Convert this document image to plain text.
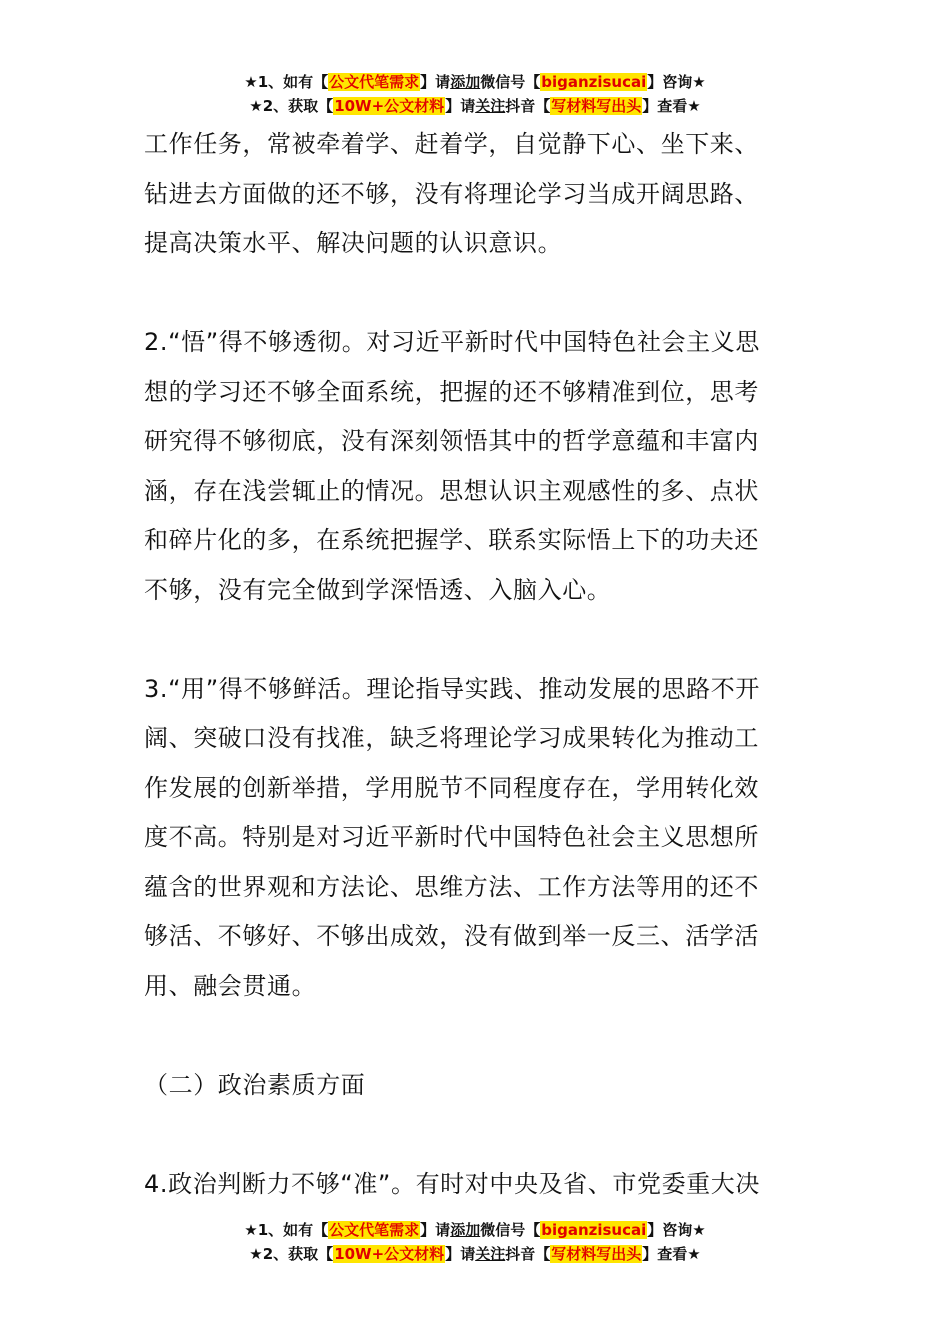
★1、如有【公文代笔需求】请添加微信号【biganzisucai】咨询★
★2、获取【10W+公文材料】请关注抖音【写材料写出头】查看★

工作任务，常被牵着学、赶着学，自觉静下心、坐下来、
钻进去方面做的还不够，没有将理论学习当成开阔思路、
提高决策水平、解决问题的认识意识。

2.“悟”得不够透彻。对习近平新时代中国特色社会主义思
想的学习还不够全面系统，把握的还不够精准到位，思考
研究得不够彻底，没有深刻领悟其中的哲学意蕴和丰富内
涵，存在浅尝辄止的情况。思想认识主观感性的多、点状
和碎片化的多，在系统把握学、联系实际悟上下的功夫还
不够，没有完全做到学深悟透、入脑入心。

3.“用”得不够鲜活。理论指导实践、推动发展的思路不开
阔、突破口没有找准，缺乏将理论学习成果转化为推动工
作发展的创新举措，学用脱节不同程度存在，学用转化效
度不高。特别是对习近平新时代中国特色社会主义思想所
蕴含的世界观和方法论、思维方法、工作方法等用的还不
够活、不够好、不够出成效，没有做到举一反三、活学活
用、融会贯通。

（二）政治素质方面

4.政治判断力不够“准”。有时对中央及省、市党委重大决

★1、如有【公文代笔需求】请添加微信号【biganzisucai】咨询★
★2、获取【10W+公文材料】请关注抖音【写材料写出头】查看★
